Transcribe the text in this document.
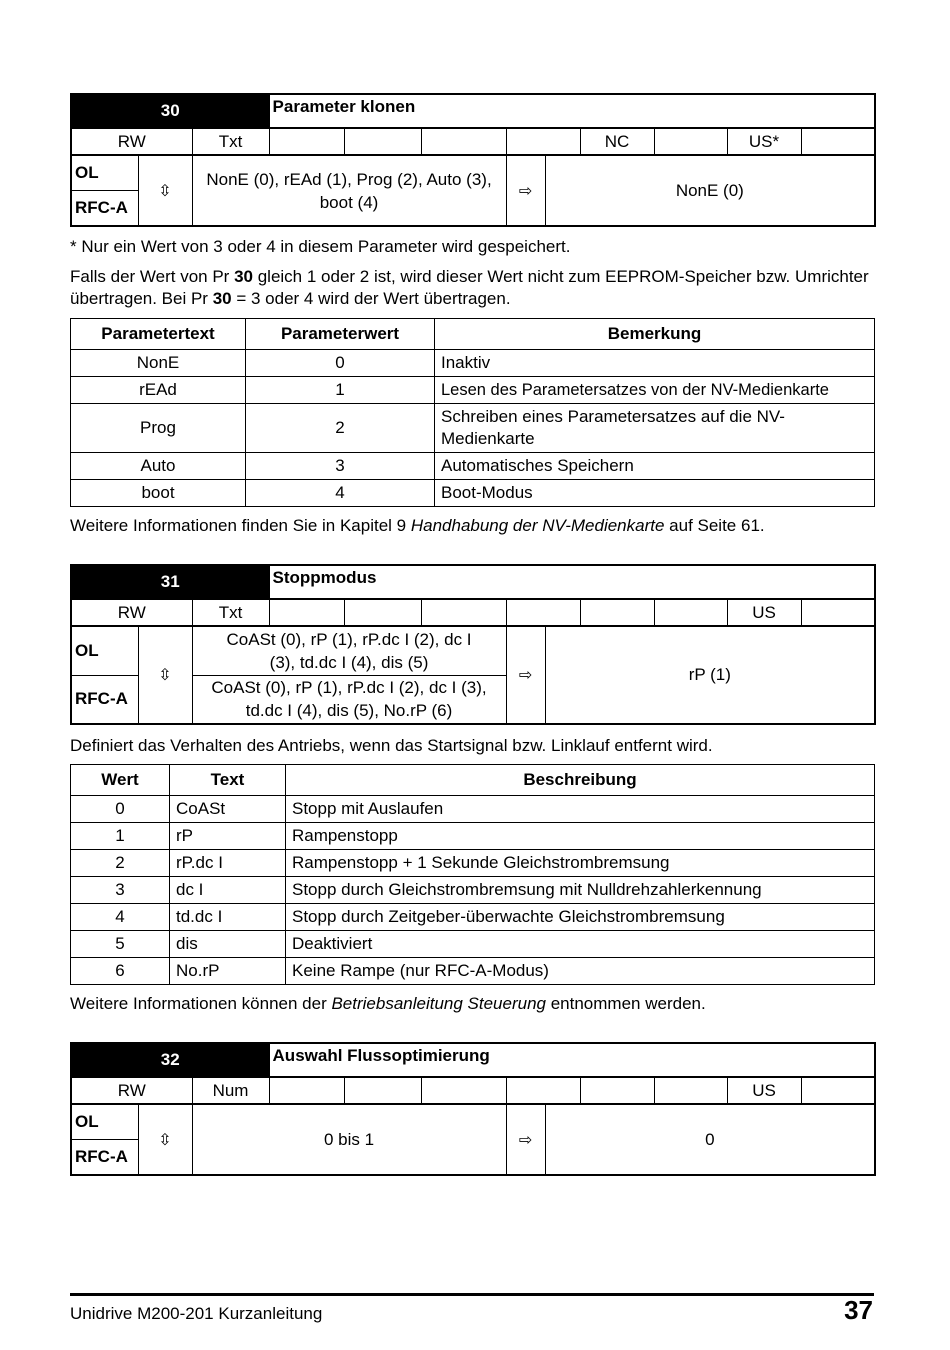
30			Parameter klonen								
RW		Txt						NC		US*	
OL	⇳	NonE (0), rEAd (1), Prog (2), Auto (3), boot (4)				⇨	NonE (0)				
RFC-A											

* Nur ein Wert von 3 oder 4 in diesem Parameter wird gespeichert.

Falls der Wert von Pr 30 gleich 1 oder 2 ist, wird dieser Wert nicht zum EEPROM-Speicher bzw. Umrichter übertragen. Bei Pr 30 = 3 oder 4 wird der Wert übertragen.

Parametertext	Parameterwert	Bemerkung
NonE	0	Inaktiv
rEAd	1	Lesen des Parametersatzes von der NV-Medienkarte
Prog	2	Schreiben eines Parametersatzes auf die NV-Medienkarte
Auto	3	Automatisches Speichern
boot	4	Boot-Modus

Weitere Informationen finden Sie in Kapitel 9 Handhabung der NV-Medienkarte auf Seite 61.

31			Stoppmodus								
RW		Txt								US	
OL	⇳	CoASt (0), rP (1), rP.dc I (2), dc I (3), td.dc I (4), dis (5)				⇨	rP (1)				
RFC-A		CoASt (0), rP (1), rP.dc I (2), dc I (3), td.dc I (4), dis (5), No.rP (6)									

Definiert das Verhalten des Antriebs, wenn das Startsignal bzw. Linklauf entfernt wird.

Wert	Text	Beschreibung
0	CoASt	Stopp mit Auslaufen
1	rP	Rampenstopp
2	rP.dc I	Rampenstopp + 1 Sekunde Gleichstrombremsung
3	dc I	Stopp durch Gleichstrombremsung mit Nulldrehzahlerkennung
4	td.dc I	Stopp durch Zeitgeber-überwachte Gleichstrombremsung
5	dis	Deaktiviert
6	No.rP	Keine Rampe (nur RFC-A-Modus)

Weitere Informationen können der Betriebsanleitung Steuerung entnommen werden.

32			Auswahl Flussoptimierung								
RW		Num								US	
OL	⇳	0 bis 1				⇨	0				
RFC-A											
Unidrive M200-201 Kurzanleitung	37
